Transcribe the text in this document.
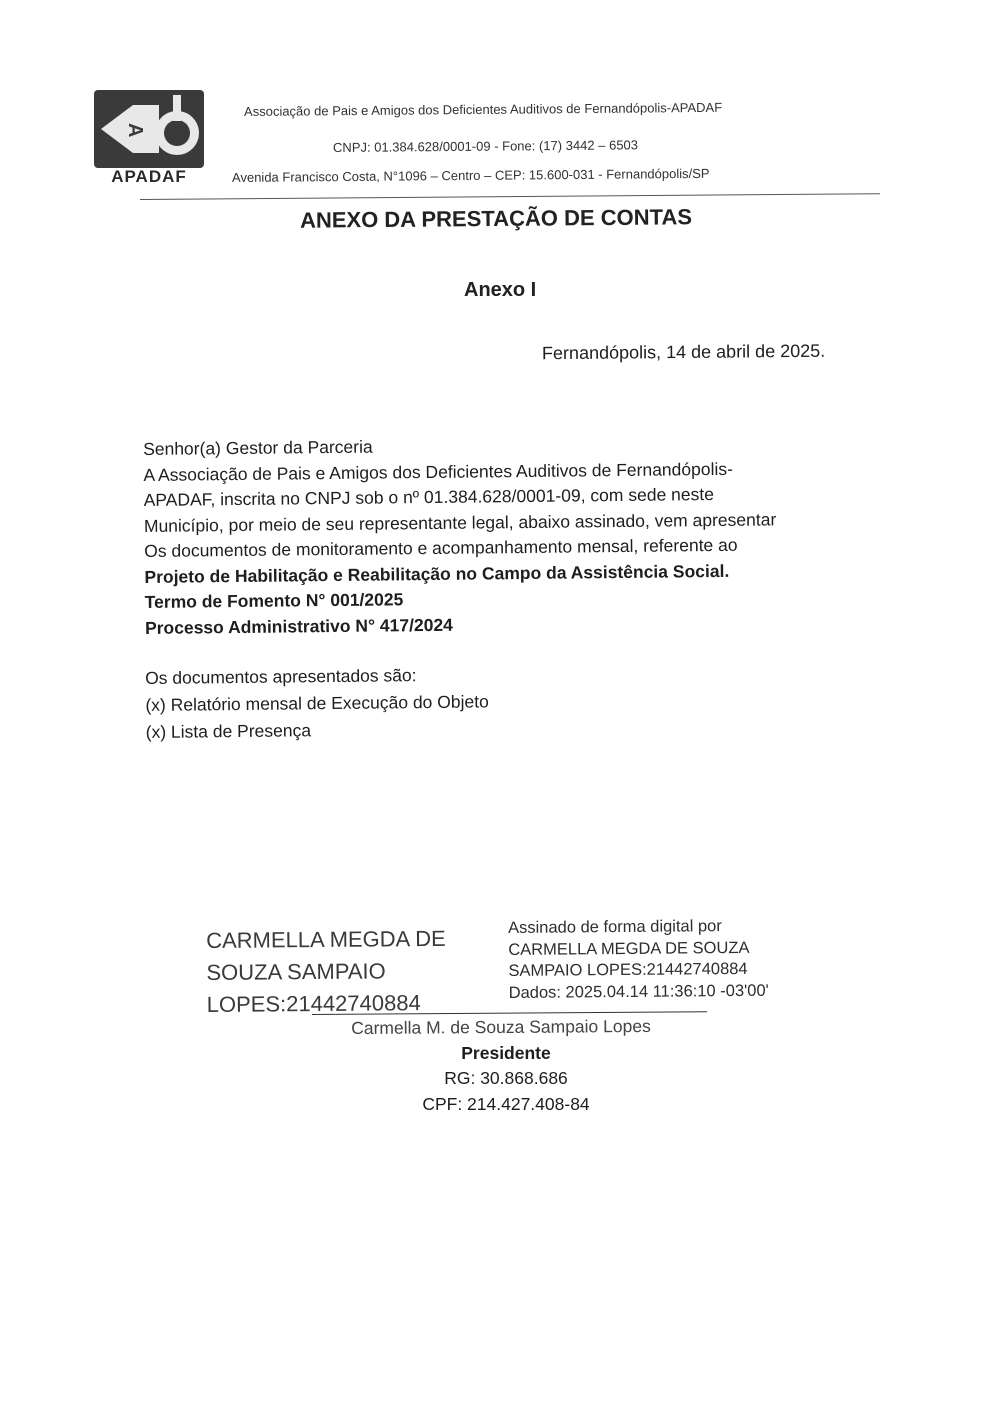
A
APADAF
Associação de Pais e Amigos dos Deficientes Auditivos de Fernandópolis-APADAF
CNPJ: 01.384.628/0001-09 - Fone: (17) 3442 – 6503
Avenida Francisco Costa, N°1096 – Centro – CEP: 15.600-031 - Fernandópolis/SP
ANEXO DA PRESTAÇÃO DE CONTAS
Anexo I
Fernandópolis, 14 de abril de 2025.
Senhor(a) Gestor da Parceria
A Associação de Pais e Amigos dos Deficientes Auditivos de Fernandópolis-
APADAF, inscrita no CNPJ sob o nº 01.384.628/0001-09, com sede neste
Município, por meio de seu representante legal, abaixo assinado, vem apresentar
Os documentos de monitoramento e acompanhamento mensal, referente ao
Projeto de Habilitação e Reabilitação no Campo da Assistência Social.
Termo de Fomento N° 001/2025
Processo Administrativo N° 417/2024
Os documentos apresentados são:
(x) Relatório mensal de Execução do Objeto
(x) Lista de Presença
CARMELLA MEGDA DE
SOUZA SAMPAIO
LOPES:21442740884
Assinado de forma digital por
CARMELLA MEGDA DE SOUZA
SAMPAIO LOPES:21442740884
Dados: 2025.04.14 11:36:10 -03'00'
Carmella M. de Souza Sampaio Lopes
Presidente
RG: 30.868.686
CPF: 214.427.408-84
